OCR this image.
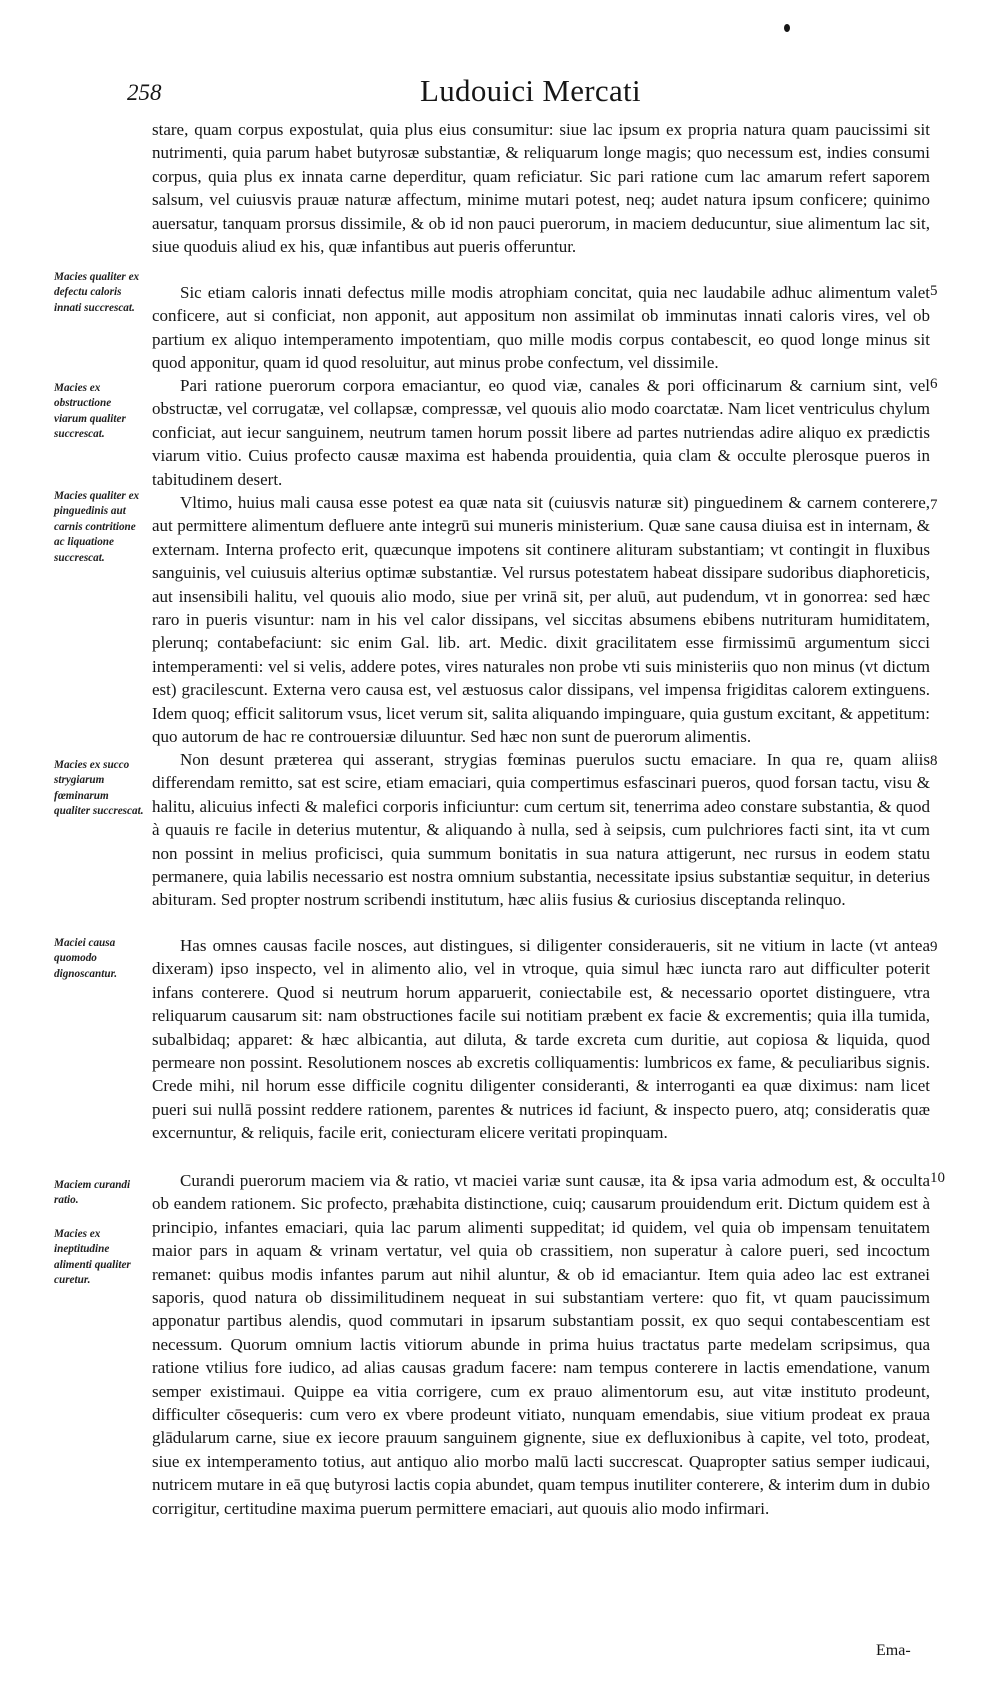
258	Ludouici Mercati

stare, quam corpus expostulat, quia plus eius consumitur: siue lac ipsum ex propria natura quam paucissimi sit nutrimenti, quia parum habet butyrosæ substantiæ, & reliquarum longe magis; quo necessum est, indies consumi corpus, quia plus ex innata carne deperditur, quam reficiatur. Sic pari ratione cum lac amarum refert saporem salsum, vel cuiusvis prauæ naturæ affectum, minime mutari potest, neq; audet natura ipsum conficere; quinimo auersatur, tanquam prorsus dissimile, & ob id non pauci puerorum, in maciem deducuntur, siue alimentum lac sit, siue quoduis aliud ex his, quæ infantibus aut pueris offeruntur.

Sic etiam caloris innati defectus mille modis atrophiam concitat, quia nec laudabile adhuc alimentum valet conficere, aut si conficiat, non apponit, aut appositum non assimilat ob imminutas innati caloris vires, vel ob partium ex aliquo intemperamento impotentiam, quo mille modis corpus contabescit, eo quod longe minus sit quod apponitur, quam id quod resoluitur, aut minus probe confectum, vel dissimile.

Pari ratione puerorum corpora emaciantur, eo quod viæ, canales & pori officinarum & carnium sint, vel obstructæ, vel corrugatæ, vel collapsæ, compressæ, vel quouis alio modo coarctatæ. Nam licet ventriculus chylum conficiat, aut iecur sanguinem, neutrum tamen horum possit libere ad partes nutriendas adire aliquo ex prædictis viarum vitio. Cuius profecto causæ maxima est habenda prouidentia, quia clam & occulte plerosque pueros in tabitudinem desert.

Vltimo, huius mali causa esse potest ea quæ nata sit (cuiusvis naturæ sit) pinguedinem & carnem conterere, aut permittere alimentum defluere ante integrū sui muneris ministerium. Quæ sane causa diuisa est in internam, & externam. Interna profecto erit, quæcunque impotens sit continere alituram substantiam; vt contingit in fluxibus sanguinis, vel cuiusuis alterius optimæ substantiæ. Vel rursus potestatem habeat dissipare sudoribus diaphoreticis, aut insensibili halitu, vel quouis alio modo, siue per vrinā sit, per aluū, aut pudendum, vt in gonorrea: sed hæc raro in pueris visuntur: nam in his vel calor dissipans, vel siccitas absumens ebibens nutrituram humiditatem, plerunq; contabefaciunt: sic enim Gal. lib. art. Medic. dixit gracilitatem esse firmissimū argumentum sicci intemperamenti: vel si velis, addere potes, vires naturales non probe vti suis ministeriis quo non minus (vt dictum est) gracilescunt. Externa vero causa est, vel æstuosus calor dissipans, vel impensa frigiditas calorem extinguens. Idem quoq; efficit salitorum vsus, licet verum sit, salita aliquando impinguare, quia gustum excitant, & appetitum: quo autorum de hac re controuersiæ diluuntur. Sed hæc non sunt de puerorum alimentis.

Non desunt præterea qui asserant, strygias fœminas puerulos suctu emaciare. In qua re, quam aliis differendam remitto, sat est scire, etiam emaciari, quia compertimus esfascinari pueros, quod forsan tactu, visu & halitu, alicuius infecti & malefici corporis inficiuntur: cum certum sit, tenerrima adeo constare substantia, & quod à quauis re facile in deterius mutentur, & aliquando à nulla, sed à seipsis, cum pulchriores facti sint, ita vt cum non possint in melius proficisci, quia summum bonitatis in sua natura attigerunt, nec rursus in eodem statu permanere, quia labilis necessario est nostra omnium substantia, necessitate ipsius substantiæ sequitur, in deterius abituram. Sed propter nostrum scribendi institutum, hæc aliis fusius & curiosius disceptanda relinquo.

Has omnes causas facile nosces, aut distingues, si diligenter consideraueris, sit ne vitium in lacte (vt antea dixeram) ipso inspecto, vel in alimento alio, vel in vtroque, quia simul hæc iuncta raro aut difficulter poterit infans conterere. Quod si neutrum horum apparuerit, coniectabile est, & necessario oportet distinguere, vtra reliquarum causarum sit: nam obstructiones facile sui notitiam præbent ex facie & excrementis; quia illa tumida, subalbidaq; apparet: & hæc albicantia, aut diluta, & tarde excreta cum duritie, aut copiosa & liquida, quod permeare non possint. Resolutionem nosces ab excretis colliquamentis: lumbricos ex fame, & peculiaribus signis. Crede mihi, nil horum esse difficile cognitu diligenter consideranti, & interroganti ea quæ diximus: nam licet pueri sui nullā possint reddere rationem, parentes & nutrices id faciunt, & inspecto puero, atq; consideratis quæ excernuntur, & reliquis, facile erit, coniecturam elicere veritati propinquam.

Curandi puerorum maciem via & ratio, vt maciei variæ sunt causæ, ita & ipsa varia admodum est, & occulta ob eandem rationem. Sic profecto, præhabita distinctione, cuiq; causarum prouidendum erit. Dictum quidem est à principio, infantes emaciari, quia lac parum alimenti suppeditat; id quidem, vel quia ob impensam tenuitatem maior pars in aquam & vrinam vertatur, vel quia ob crassitiem, non superatur à calore pueri, sed incoctum remanet: quibus modis infantes parum aut nihil aluntur, & ob id emaciantur. Item quia adeo lac est extranei saporis, quod natura ob dissimilitudinem nequeat in sui substantiam vertere: quo fit, vt quam paucissimum apponatur partibus alendis, quod commutari in ipsarum substantiam possit, ex quo sequi contabescentiam est necessum. Quorum omnium lactis vitiorum abunde in prima huius tractatus parte medelam scripsimus, qua ratione vtilius fore iudico, ad alias causas gradum facere: nam tempus conterere in lactis emendatione, vanum semper existimaui. Quippe ea vitia corrigere, cum ex prauo alimentorum esu, aut vitæ instituto prodeunt, difficulter cōsequeris: cum vero ex vbere prodeunt vitiato, nunquam emendabis, siue vitium prodeat ex praua glādularum carne, siue ex iecore prauum sanguinem gignente, siue ex defluxionibus à capite, vel toto, prodeat, siue ex intemperamento totius, aut antiquo alio morbo malū lacti succrescat. Quapropter satius semper iudicaui, nutricem mutare in eā quę butyrosi lactis copia abundet, quam tempus inutiliter conterere, & interim dum in dubio corrigitur, certitudine maxima puerum permittere emaciari, aut quouis alio modo infirmari.

Macies qualiter ex defectu caloris innati succrescat.
Macies ex obstructione viarum qualiter succrescat.
Macies qualiter ex pinguedinis aut carnis contritione ac liquatione succrescat.
Macies ex succo strygiarum fœminarum qualiter succrescat.
Maciei causa quomodo dignoscantur.
Maciem curandi ratio.
Macies ex ineptitudine alimenti qualiter curetur.
5
6
7
8
9
10
Ema-
